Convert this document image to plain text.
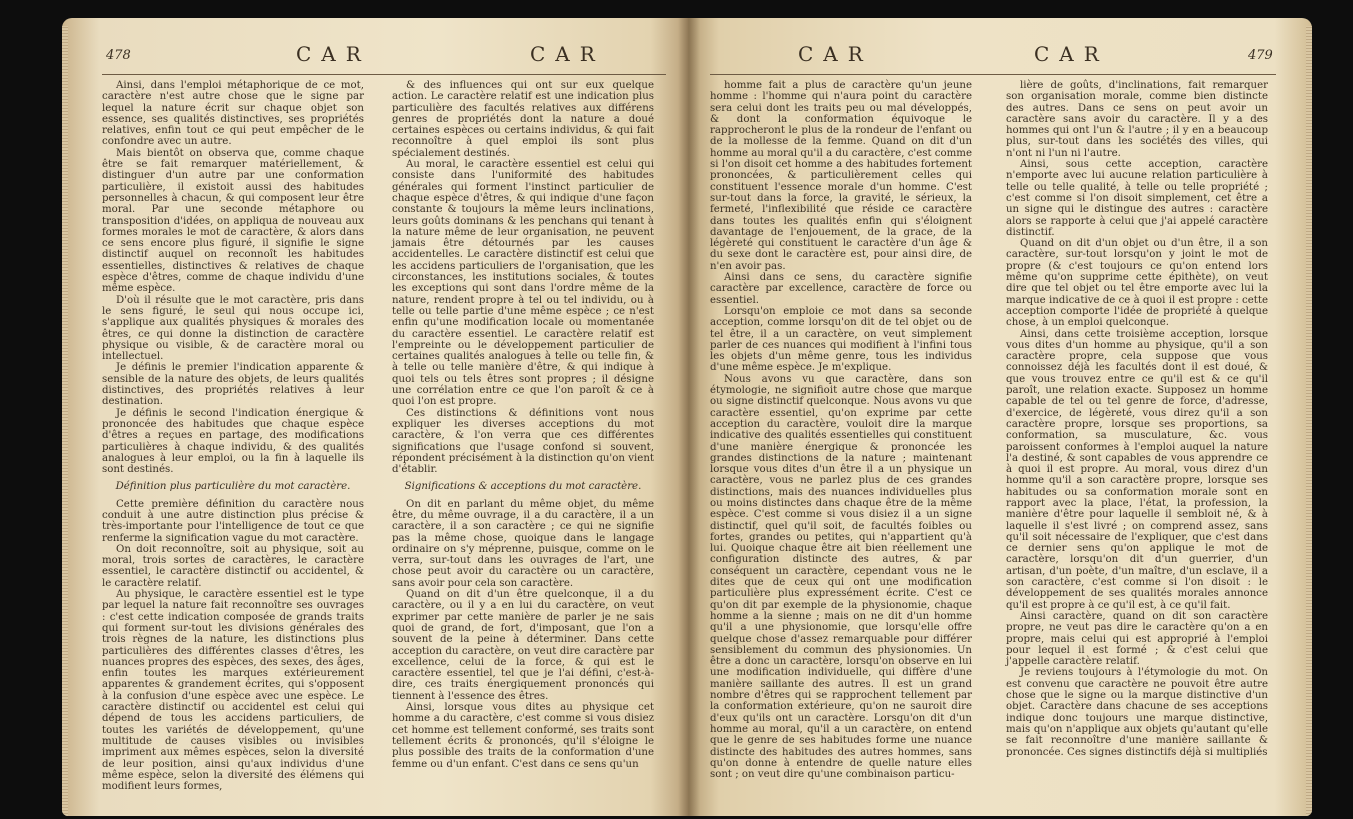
478	CAR	CAR

Ainsi, dans l'emploi métaphorique de ce mot, caractère n'est autre chose que le signe par lequel la nature écrit sur chaque objet son essence, ses qualités distinctives, ses propriétés relatives, enfin tout ce qui peut empêcher de le confondre avec un autre.

Mais bientôt on observa que, comme chaque être se fait remarquer matériellement, & distinguer d'un autre par une conformation particulière, il existoit aussi des habitudes personnelles à chacun, & qui composent leur être moral. Par une seconde métaphore ou transposition d'idées, on appliqua de nouveau aux formes morales le mot de caractère, & alors dans ce sens encore plus figuré, il signifie le signe distinctif auquel on reconnoît les habitudes essentielles, distinctives & relatives de chaque espèce d'êtres, comme de chaque individu d'une même espèce.

D'où il résulte que le mot caractère, pris dans le sens figuré, le seul qui nous occupe ici, s'applique aux qualités physiques & morales des êtres, ce qui donne la distinction de caractère physique ou visible, & de caractère moral ou intellectuel.

Je définis le premier l'indication apparente & sensible de la nature des objets, de leurs qualités distinctives, des propriétés relatives à leur destination.

Je définis le second l'indication énergique & prononcée des habitudes que chaque espèce d'êtres a reçues en partage, des modifications particulières à chaque individu, & des qualités analogues à leur emploi, ou la fin à laquelle ils sont destinés.

Définition plus particulière du mot caractère.

Cette première définition du caractère nous conduit à une autre distinction plus précise & très-importante pour l'intelligence de tout ce que renferme la signification vague du mot caractère.

On doit reconnoître, soit au physique, soit au moral, trois sortes de caractères, le caractère essentiel, le caractère distinctif ou accidentel, & le caractère relatif.

Au physique, le caractère essentiel est le type par lequel la nature fait reconnoître ses ouvrages : c'est cette indication composée de grands traits qui forment sur-tout les divisions générales des trois règnes de la nature, les distinctions plus particulières des différentes classes d'êtres, les nuances propres des espèces, des sexes, des âges, enfin toutes les marques extérieurement apparentes & grandement écrites, qui s'opposent à la confusion d'une espèce avec une espèce. Le caractère distinctif ou accidentel est celui qui dépend de tous les accidens particuliers, de toutes les variétés de développement, qu'une multitude de causes visibles ou invisibles impriment aux mêmes espèces, selon la diversité de leur position, ainsi qu'aux individus d'une même espèce, selon la diversité des élémens qui modifient leurs formes,

& des influences qui ont sur eux quelque action. Le caractère relatif est une indication plus particulière des facultés relatives aux différens genres de propriétés dont la nature a doué certaines espèces ou certains individus, & qui fait reconnoître à quel emploi ils sont plus spécialement destinés.

Au moral, le caractère essentiel est celui qui consiste dans l'uniformité des habitudes générales qui forment l'instinct particulier de chaque espèce d'êtres, & qui indique d'une façon constante & toujours la même leurs inclinations, leurs goûts dominans & les penchans qui tenant à la nature même de leur organisation, ne peuvent jamais être détournés par les causes accidentelles. Le caractère distinctif est celui que les accidens particuliers de l'organisation, que les circonstances, les institutions sociales, & toutes les exceptions qui sont dans l'ordre même de la nature, rendent propre à tel ou tel individu, ou à telle ou telle partie d'une même espèce ; ce n'est enfin qu'une modification locale ou momentanée du caractère essentiel. Le caractère relatif est l'empreinte ou le développement particulier de certaines qualités analogues à telle ou telle fin, & à telle ou telle manière d'être, & qui indique à quoi tels ou tels êtres sont propres ; il désigne une corrélation entre ce que l'on paroît & ce à quoi l'on est propre.

Ces distinctions & définitions vont nous expliquer les diverses acceptions du mot caractère, & l'on verra que ces différentes significations que l'usage confond si souvent, répondent précisément à la distinction qu'on vient d'établir.

Significations & acceptions du mot caractère.

On dit en parlant du même objet, du même être, du même ouvrage, il a du caractère, il a un caractère, il a son caractère ; ce qui ne signifie pas la même chose, quoique dans le langage ordinaire on s'y méprenne, puisque, comme on le verra, sur-tout dans les ouvrages de l'art, une chose peut avoir du caractère ou un caractère, sans avoir pour cela son caractère.

Quand on dit d'un être quelconque, il a du caractère, ou il y a en lui du caractère, on veut exprimer par cette manière de parler je ne sais quoi de grand, de fort, d'imposant, que l'on a souvent de la peine à déterminer. Dans cette acception du caractère, on veut dire caractère par excellence, celui de la force, & qui est le caractère essentiel, tel que je l'ai défini, c'est-à-dire, ces traits énergiquement prononcés qui tiennent à l'essence des êtres.

Ainsi, lorsque vous dites au physique cet homme a du caractère, c'est comme si vous disiez cet homme est tellement conformé, ses traits sont tellement écrits & prononcés, qu'il s'éloigne le plus possible des traits de la conformation d'une femme ou d'un enfant. C'est dans ce sens qu'un

CAR	CAR	479

homme fait a plus de caractère qu'un jeune homme : l'homme qui n'aura point du caractère sera celui dont les traits peu ou mal développés, & dont la conformation équivoque le rapprocheront le plus de la rondeur de l'enfant ou de la mollesse de la femme. Quand on dit d'un homme au moral qu'il a du caractère, c'est comme si l'on disoit cet homme a des habitudes fortement prononcées, & particulièrement celles qui constituent l'essence morale d'un homme. C'est sur-tout dans la force, la gravité, le sérieux, la fermeté, l'inflexibilité que réside ce caractère dans toutes les qualités enfin qui s'éloignent davantage de l'enjouement, de la grace, de la légèreté qui constituent le caractère d'un âge & du sexe dont le caractère est, pour ainsi dire, de n'en avoir pas.

Ainsi dans ce sens, du caractère signifie caractère par excellence, caractère de force ou essentiel.

Lorsqu'on emploie ce mot dans sa seconde acception, comme lorsqu'on dit de tel objet ou de tel être, il a un caractère, on veut simplement parler de ces nuances qui modifient à l'infini tous les objets d'un même genre, tous les individus d'une même espèce. Je m'explique.

Nous avons vu que caractère, dans son étymologie, ne signifioit autre chose que marque ou signe distinctif quelconque. Nous avons vu que caractère essentiel, qu'on exprime par cette acception du caractère, vouloit dire la marque indicative des qualités essentielles qui constituent d'une manière énergique & prononcée les grandes distinctions de la nature ; maintenant lorsque vous dites d'un être il a un physique un caractère, vous ne parlez plus de ces grandes distinctions, mais des nuances individuelles plus ou moins distinctes dans chaque être de la même espèce. C'est comme si vous disiez il a un signe distinctif, quel qu'il soit, de facultés foibles ou fortes, grandes ou petites, qui n'appartient qu'à lui. Quoique chaque être ait bien réellement une configuration distincte des autres, & par conséquent un caractère, cependant vous ne le dites que de ceux qui ont une modification particulière plus expressément écrite. C'est ce qu'on dit par exemple de la physionomie, chaque homme a la sienne ; mais on ne dit d'un homme qu'il a une physionomie, que lorsqu'elle offre quelque chose d'assez remarquable pour différer sensiblement du commun des physionomies. Un être a donc un caractère, lorsqu'on observe en lui une modification individuelle, qui diffère d'une manière saillante des autres. Il est un grand nombre d'êtres qui se rapprochent tellement par la conformation extérieure, qu'on ne sauroit dire d'eux qu'ils ont un caractère. Lorsqu'on dit d'un homme au moral, qu'il a un caractère, on entend que le genre de ses habitudes forme une nuance distincte des habitudes des autres hommes, sans qu'on donne à entendre de quelle nature elles sont ; on veut dire qu'une combinaison particu-

lière de goûts, d'inclinations, fait remarquer son organisation morale, comme bien distincte des autres. Dans ce sens on peut avoir un caractère sans avoir du caractère. Il y a des hommes qui ont l'un & l'autre ; il y en a beaucoup plus, sur-tout dans les sociétés des villes, qui n'ont ni l'un ni l'autre.

Ainsi, sous cette acception, caractère n'emporte avec lui aucune relation particulière à telle ou telle qualité, à telle ou telle propriété ; c'est comme si l'on disoit simplement, cet être a un signe qui le distingue des autres : caractère alors se rapporte à celui que j'ai appelé caractère distinctif.

Quand on dit d'un objet ou d'un être, il a son caractère, sur-tout lorsqu'on y joint le mot de propre (& c'est toujours ce qu'on entend lors même qu'on supprime cette épithète), on veut dire que tel objet ou tel être emporte avec lui la marque indicative de ce à quoi il est propre : cette acception comporte l'idée de propriété à quelque chose, à un emploi quelconque.

Ainsi, dans cette troisième acception, lorsque vous dites d'un homme au physique, qu'il a son caractère propre, cela suppose que vous connoissez déjà les facultés dont il est doué, & que vous trouvez entre ce qu'il est & ce qu'il paroît, une relation exacte. Supposez un homme capable de tel ou tel genre de force, d'adresse, d'exercice, de légèreté, vous direz qu'il a son caractère propre, lorsque ses proportions, sa conformation, sa musculature, &c. vous paroissent conformes à l'emploi auquel la nature l'a destiné, & sont capables de vous apprendre ce à quoi il est propre. Au moral, vous direz d'un homme qu'il a son caractère propre, lorsque ses habitudes ou sa conformation morale sont en rapport avec la place, l'état, la profession, la manière d'être pour laquelle il sembloit né, & à laquelle il s'est livré ; on comprend assez, sans qu'il soit nécessaire de l'expliquer, que c'est dans ce dernier sens qu'on applique le mot de caractère, lorsqu'on dit d'un guerrier, d'un artisan, d'un poète, d'un maître, d'un esclave, il a son caractère, c'est comme si l'on disoit : le développement de ses qualités morales annonce qu'il est propre à ce qu'il est, à ce qu'il fait.

Ainsi caractère, quand on dit son caractère propre, ne veut pas dire le caractère qu'on a en propre, mais celui qui est approprié à l'emploi pour lequel il est formé ; & c'est celui que j'appelle caractère relatif.

Je reviens toujours à l'étymologie du mot. On est convenu que caractère ne pouvoit être autre chose que le signe ou la marque distinctive d'un objet. Caractère dans chacune de ses acceptions indique donc toujours une marque distinctive, mais qu'on n'applique aux objets qu'autant qu'elle se fait reconnoître d'une manière saillante & prononcée. Ces signes distinctifs déjà si multipliés
